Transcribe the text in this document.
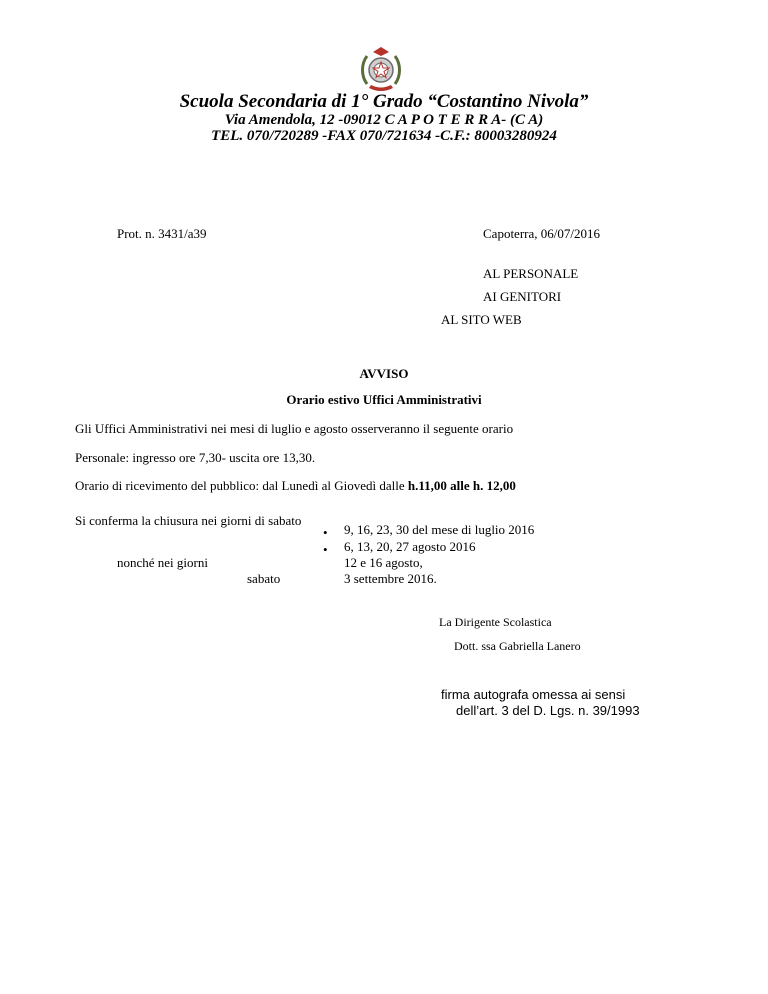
Scuola Secondaria di 1° Grado “Costantino Nivola”
Via Amendola, 12 -09012 C A P O T E R R A- (C A)
TEL. 070/720289 -FAX 070/721634 -C.F.: 80003280924
Prot. n. 3431/a39	Capoterra, 06/07/2016
AL PERSONALE
AI GENITORI
AL SITO WEB
AVVISO
Orario estivo Uffici Amministrativi
Gli Uffici Amministrativi nei mesi di luglio e agosto osserveranno il seguente orario
Personale: ingresso ore 7,30- uscita ore 13,30.
Orario di ricevimento del pubblico: dal Lunedì al Giovedì dalle h.11,00 alle h. 12,00
Si conferma la chiusura nei giorni di sabato
• 9, 16, 23, 30 del mese di luglio 2016
• 6, 13, 20, 27 agosto 2016
nonché nei giorni	12 e 16 agosto,
sabato	3 settembre 2016.
La Dirigente Scolastica
Dott. ssa Gabriella Lanero
firma autografa omessa ai sensi
dell’art. 3 del D. Lgs. n. 39/1993
